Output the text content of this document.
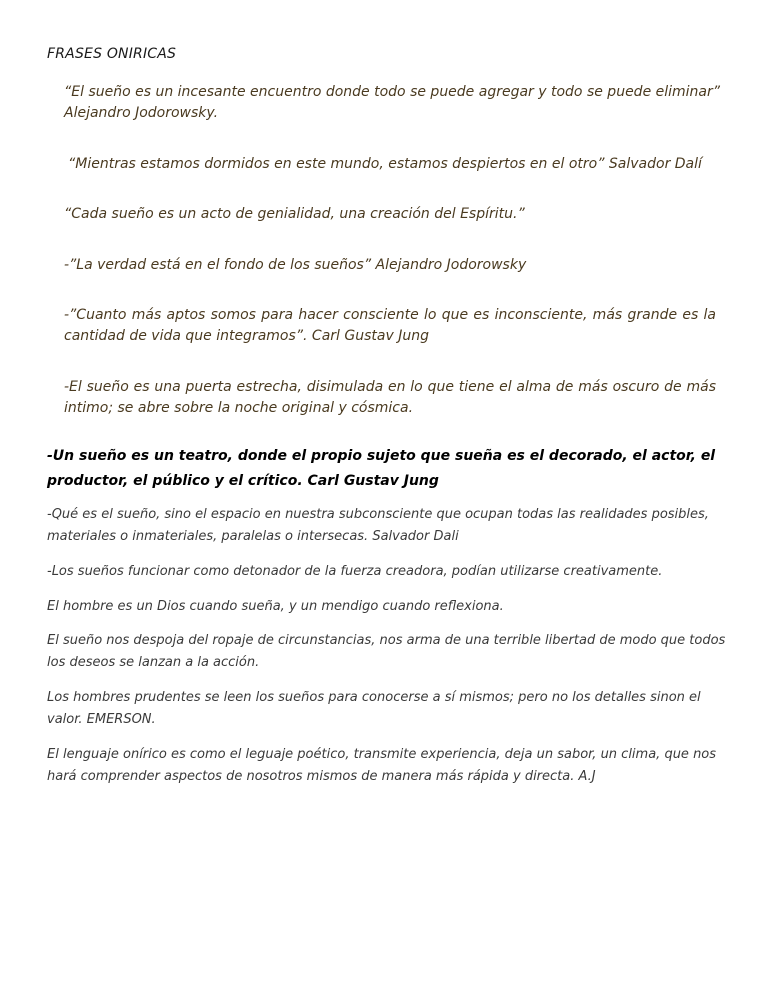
FRASES ONIRICAS
“El sueño es un incesante encuentro donde todo se puede agregar y todo se puede eliminar” Alejandro Jodorowsky.
“Mientras estamos dormidos en este mundo, estamos despiertos en el otro” Salvador Dalí
“Cada sueño es un acto de genialidad, una creación del Espíritu.”
-”La verdad está en el fondo de los sueños” Alejandro Jodorowsky
-”Cuanto más aptos somos para hacer consciente lo que es inconsciente, más grande es la cantidad de vida que integramos”. Carl Gustav Jung
-El sueño es una puerta estrecha, disimulada en lo que tiene el alma de más oscuro de más intimo; se abre sobre la noche original y cósmica.
-Un sueño es un teatro, donde el propio sujeto que sueña es el decorado, el actor, el productor, el público y el crítico. Carl Gustav Jung
-Qué es el sueño, sino el espacio en nuestra subconsciente que ocupan todas las realidades posibles, materiales o inmateriales, paralelas o intersecas. Salvador Dali
-Los sueños funcionar como detonador de la fuerza creadora, podían utilizarse creativamente.
El hombre es un Dios cuando sueña, y un mendigo cuando reflexiona.
El sueño nos despoja del ropaje de circunstancias, nos arma de una terrible libertad de modo que todos los deseos se lanzan a la acción.
Los hombres prudentes se leen los sueños para conocerse a sí mismos; pero no los detalles sinon el valor. EMERSON.
El lenguaje onírico es como el leguaje poético, transmite experiencia, deja un sabor, un clima, que nos hará comprender aspectos de nosotros mismos de manera más rápida y directa. A.J
